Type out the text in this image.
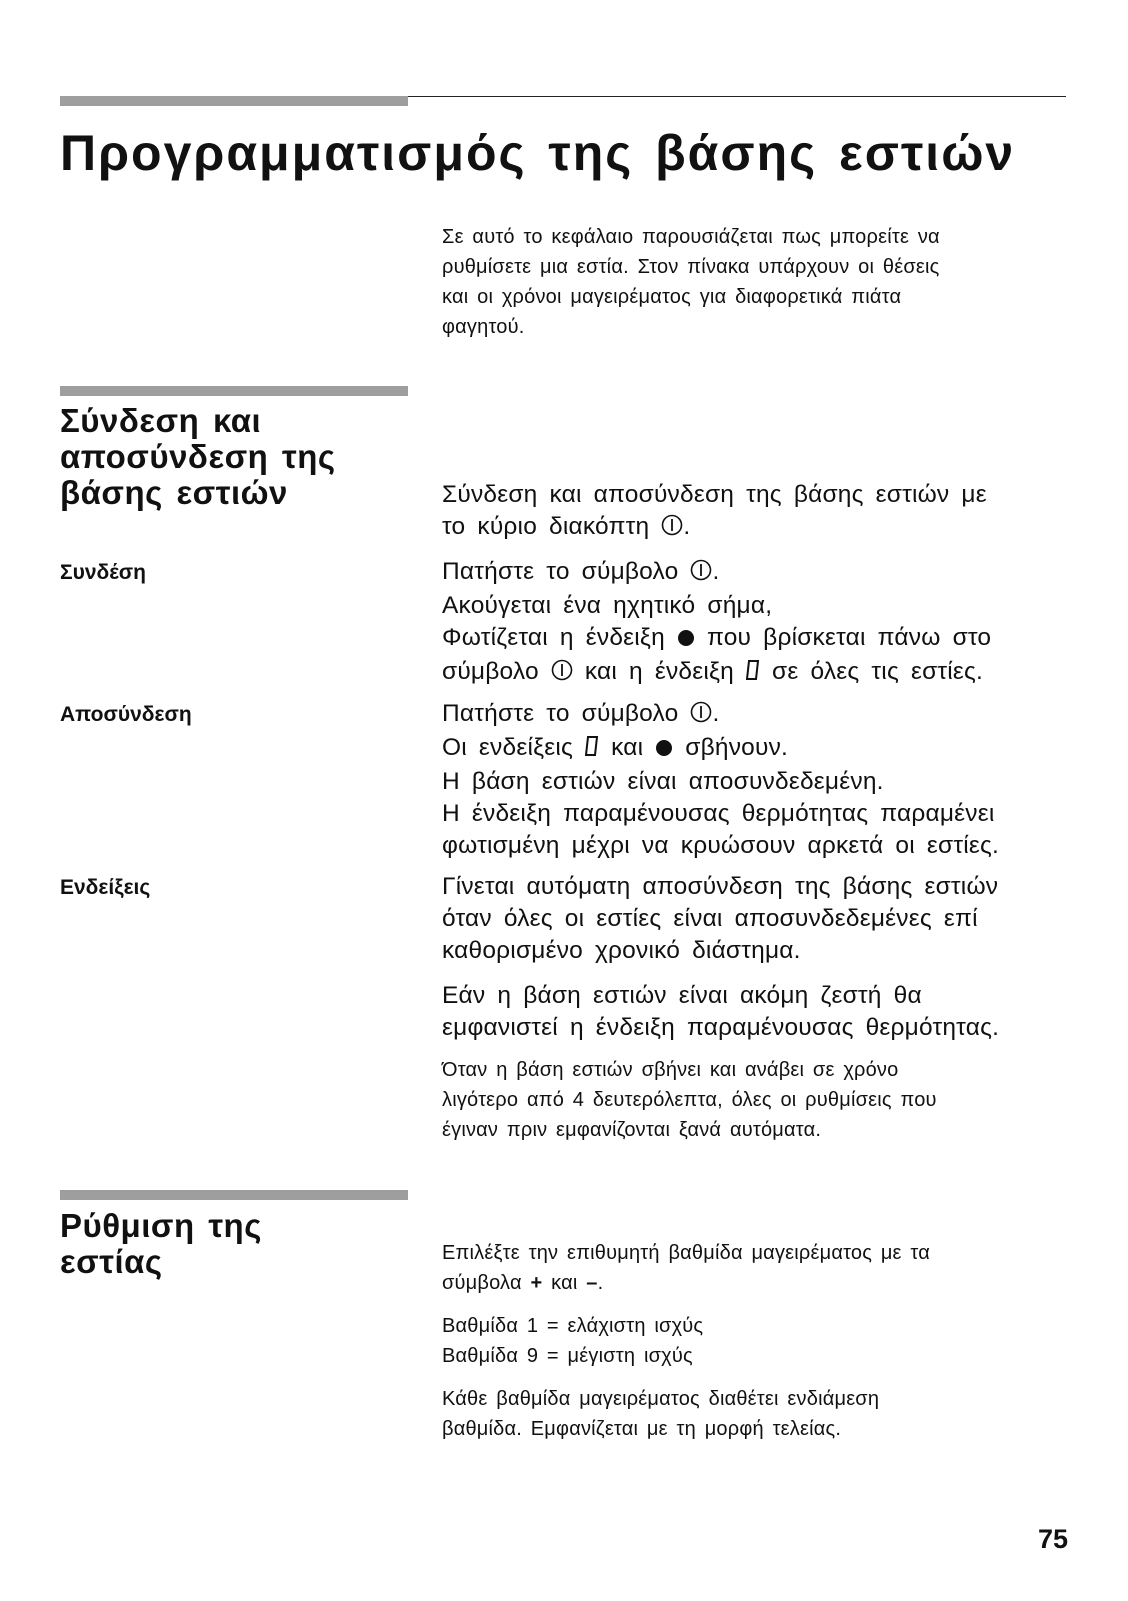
Προγραμματισμός της βάσης εστιών

Σε αυτό το κεφάλαιο παρουσιάζεται πως μπορείτε να
ρυθμίσετε μια εστία. Στον πίνακα υπάρχουν οι θέσεις
και οι χρόνοι μαγειρέματος για διαφορετικά πιάτα
φαγητού.

Σύνδεση και
αποσύνδεση της
βάσης εστιών	Σύνδεση και αποσύνδεση της βάσης εστιών με
το κύριο διακόπτη .

Συνδέση	Πατήστε το σύμβολο .
Ακούγεται ένα ηχητικό σήμα,
Φωτίζεται η ένδειξη που βρίσκεται πάνω στο
σύμβολο και η ένδειξη σε όλες τις εστίες.

Αποσύνδεση	Πατήστε το σύμβολο .
Οι ενδείξεις και σβήνουν.
Η βάση εστιών είναι αποσυνδεδεμένη.
Η ένδειξη παραμένουσας θερμότητας παραμένει
φωτισμένη μέχρι να κρυώσουν αρκετά οι εστίες.

Ενδείξεις	Γίνεται αυτόματη αποσύνδεση της βάσης εστιών
όταν όλες οι εστίες είναι αποσυνδεδεμένες επί
καθορισμένο χρονικό διάστημα.

Εάν η βάση εστιών είναι ακόμη ζεστή θα
εμφανιστεί η ένδειξη παραμένουσας θερμότητας.

Όταν η βάση εστιών σβήνει και ανάβει σε χρόνο
λιγότερο από 4 δευτερόλεπτα, όλες οι ρυθμίσεις που
έγιναν πριν εμφανίζονται ξανά αυτόματα.

Ρύθμιση της
εστίας	Επιλέξτε την επιθυμητή βαθμίδα μαγειρέματος με τα
σύμβολα + και –.

Βαθμίδα 1 = ελάχιστη ισχύς
Βαθμίδα 9 = μέγιστη ισχύς

Κάθε βαθμίδα μαγειρέματος διαθέτει ενδιάμεση
βαθμίδα. Εμφανίζεται με τη μορφή τελείας.

75
